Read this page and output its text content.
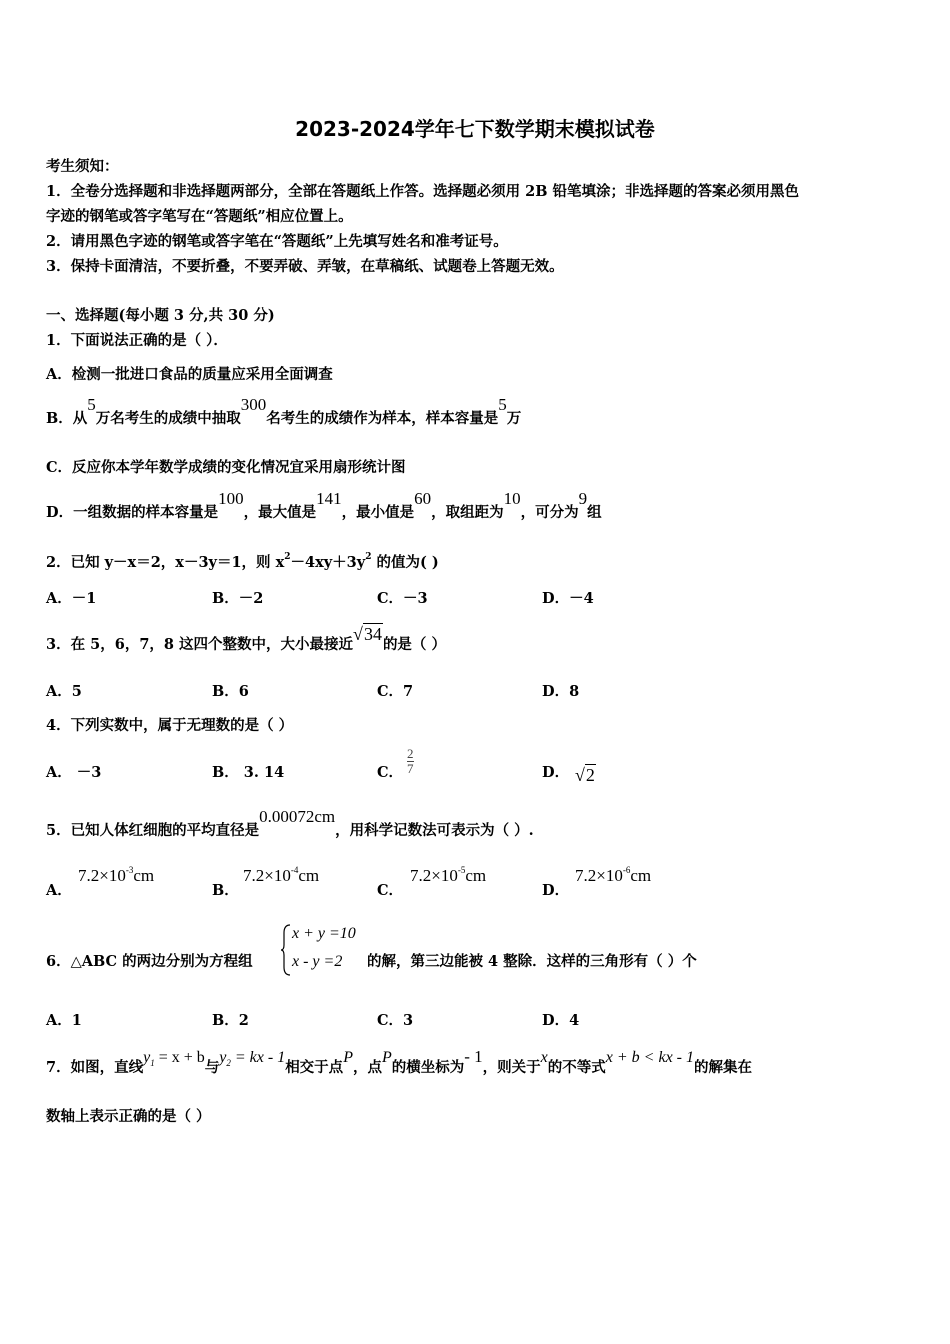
2023-2024学年七下数学期末模拟试卷
考生须知：
1．全卷分选择题和非选择题两部分，全部在答题纸上作答。选择题必须用 2B 铅笔填涂；非选择题的答案必须用黑色
字迹的钢笔或答字笔写在“答题纸”相应位置上。
2．请用黑色字迹的钢笔或答字笔在“答题纸”上先填写姓名和准考证号。
3．保持卡面清洁，不要折叠，不要弄破、弄皱，在草稿纸、试题卷上答题无效。
一、选择题(每小题 3 分,共 30 分)
1．下面说法正确的是（ ）．
A．检测一批进口食品的质量应采用全面调查
B．从5万名考生的成绩中抽取300名考生的成绩作为样本，样本容量是5万
C．反应你本学年数学成绩的变化情况宜采用扇形统计图
D．一组数据的样本容量是100，最大值是141，最小值是60，取组距为10，可分为9组
2．已知 y－x＝2，x－3y＝1，则 $x^2-4xy+3y^2$ 的值为( )
A．－1	B．－2	C．－3	D．－4
3．在 5，6，7，8 这四个整数中，大小最接近√34的是（ ）
A．5	B．6	C．7	D．8
4．下列实数中，属于无理数的是（ ）
A． －3	B． 3. 14	C． $\frac{2}{7}$	D． √2
5．已知人体红细胞的平均直径是0.00072cm，用科学记数法可表示为（ ）.
A．
$7.2\times 10^{-3}cm$
B．
$7.2\times 10^{-4}cm$
C．
$7.2\times 10^{-5}cm$
D．
$7.2\times 10^{-6}cm$
6．△ABC 的两边分别为方程组
x + y =10
x - y =2 的解，第三边能被 4 整除．这样的三角形有（ ）个
A．1	B．2	C．3	D．4
7．如图，直线$y_1 = x + b$与$y_2$ = kx - 1相交于点P，点P的横坐标为- 1，则关于x的不等式x + b < kx - 1的解集在
数轴上表示正确的是（ ）
